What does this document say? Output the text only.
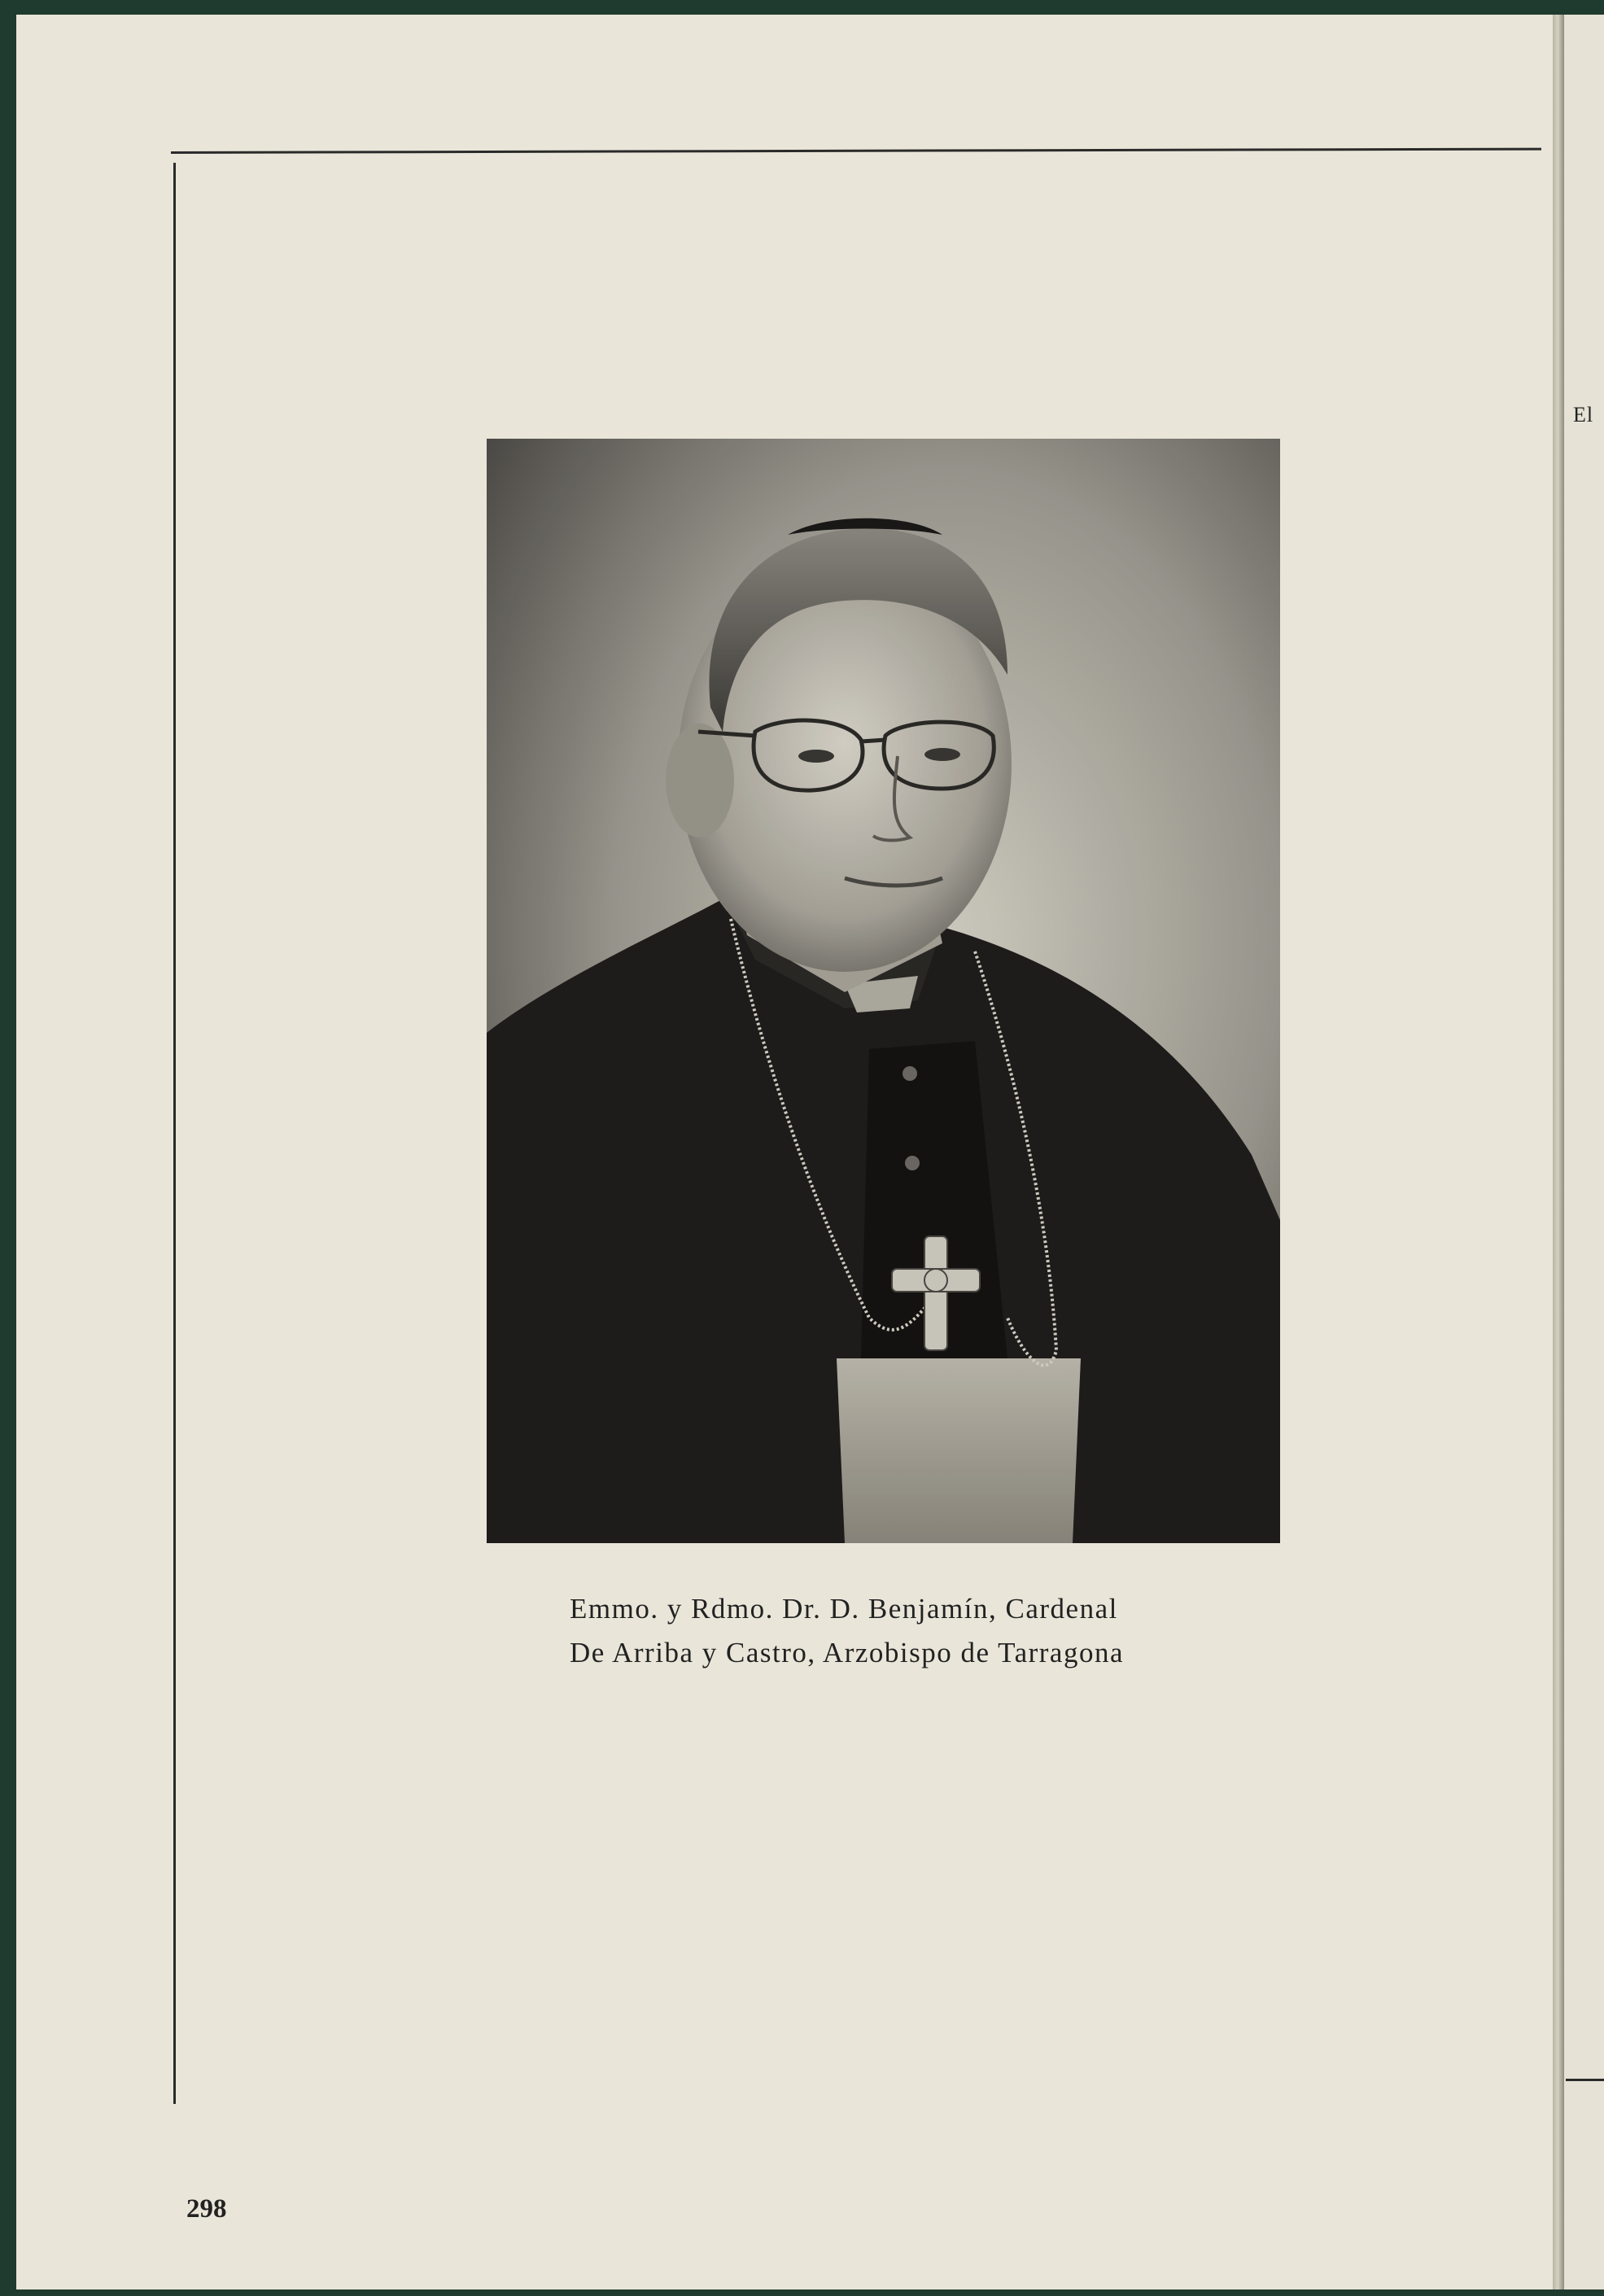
Emmo. y Rdmo. Dr. D. Benjamín, Cardenal
De Arriba y Castro, Arzobispo de Tarragona
298
El
